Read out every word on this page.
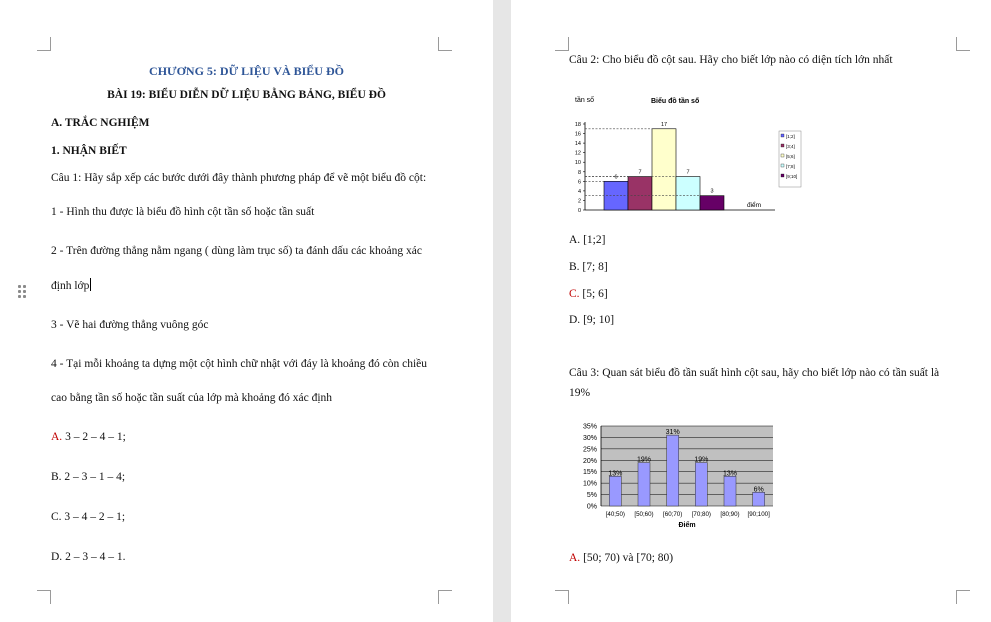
CHƯƠNG 5: DỮ LIỆU VÀ BIỂU ĐỒ
BÀI 19: BIỂU DIỄN DỮ LIỆU BẰNG BẢNG, BIỂU ĐỒ
A. TRẮC NGHIỆM
1. NHẬN BIẾT
Câu 1: Hãy sắp xếp các bước dưới đây thành phương pháp để vẽ một biểu đồ cột:
1 - Hình thu được là biểu đồ hình cột tần số hoặc tần suất
2 - Trên đường thẳng nằm ngang ( dùng làm trục số) ta đánh dấu các khoảng xác
định lớp
3 - Vẽ hai đường thẳng vuông góc
4 - Tại mỗi khoảng ta dựng một cột hình chữ nhật với đáy là khoảng đó còn chiều
cao bằng tần số hoặc tần suất của lớp mà khoảng đó xác định
A. 3 – 2 – 4 – 1;
B. 2 – 3 – 1 – 4;
C. 3 – 4 – 2 – 1;
D. 2 – 3 – 4 – 1.
Câu 2: Cho biểu đồ cột sau. Hãy cho biết lớp nào có diện tích lớn nhất
tần số	Biểu đồ tần số
0
2
4
6
8
10
12
14
16
18
6
7
17
7
3
điểm
[1;2]
[3;4]
[5;6]
[7;8]
[9;10]
A. [1;2]
B. [7; 8]
C. [5; 6]
D. [9; 10]
Câu 3: Quan sát biểu đồ tần suất hình cột sau, hãy cho biết lớp nào có tần suất là
19%
0%
5%
10%
15%
20%
25%
30%
35%
13%
[40;50)
19%
[50;60)
31%
[60;70)
19%
[70;80)
13%
[80;90)
6%
[90;100]
Điểm
A. [50; 70) và [70; 80)
